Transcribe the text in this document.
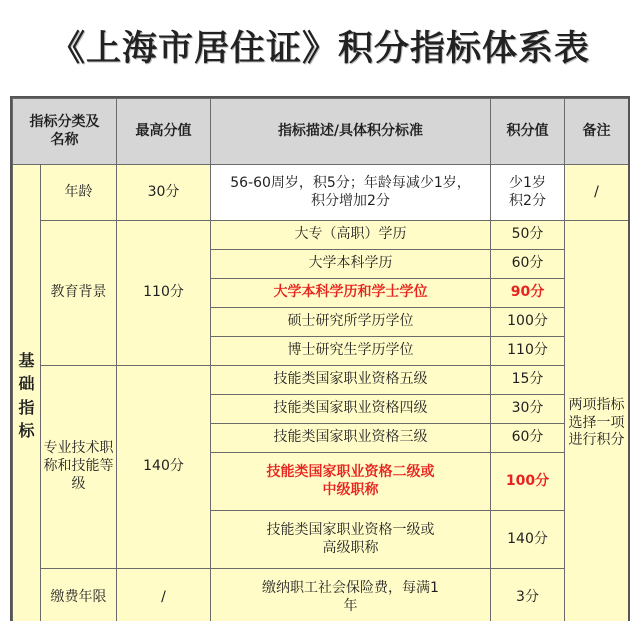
《上海市居住证》积分指标体系表
指标分类及名称		最高分值	指标描述/具体积分标准	积分值	备注	

基础指标	年龄	30分	56-60周岁，积5分；年龄每减少1岁，积分增加2分	少1岁积2分	/	
	教育背景	110分	大专（高职）学历	50分	两项指标选择一项进行积分	

			大学本科学历	60分		
			大学本科学历和学士学位	90分		
			硕士研究所学历学位	100分		
			博士研究生学历学位	110分		

	专业技术职称和技能等级	140分	技能类国家职业资格五级	15分		
			技能类国家职业资格四级	30分		
			技能类国家职业资格三级	60分		

			技能类国家职业资格二级或中级职称	100分		

			技能类国家职业资格一级或高级职称	140分		
	缴费年限	/	缴纳职工社会保险费，每满1年	3分	
